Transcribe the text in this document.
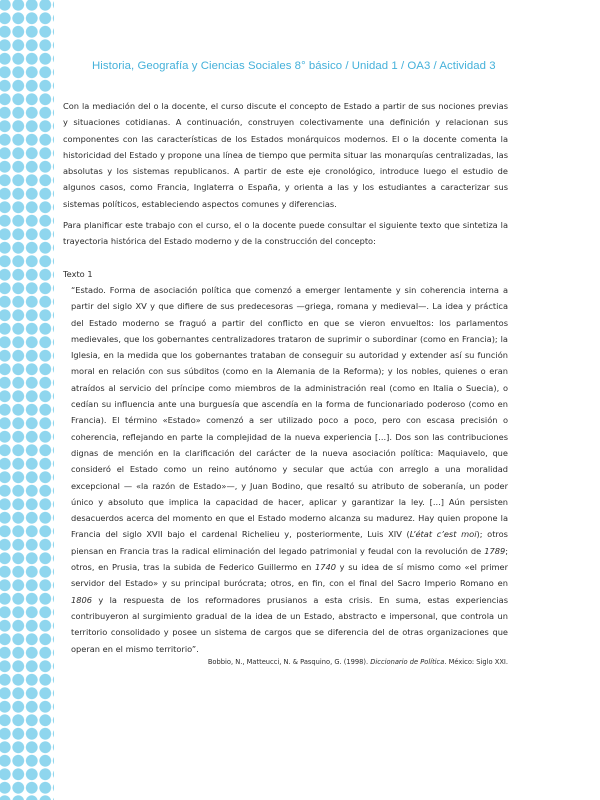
Historia, Geografía y Ciencias Sociales 8° básico / Unidad 1 / OA3 / Actividad 3

Con la mediación del o la docente, el curso discute el concepto de Estado a partir de sus nociones previas y situaciones cotidianas. A continuación, construyen colectivamente una definición y relacionan sus componentes con las características de los Estados monárquicos modernos. El o la docente comenta la historicidad del Estado y propone una línea de tiempo que permita situar las monarquías centralizadas, las absolutas y los sistemas republicanos. A partir de este eje cronológico, introduce luego el estudio de algunos casos, como Francia, Inglaterra o España, y orienta a las y los estudiantes a caracterizar sus sistemas políticos, estableciendo aspectos comunes y diferencias.

Para planificar este trabajo con el curso, el o la docente puede consultar el siguiente texto que sintetiza la trayectoria histórica del Estado moderno y de la construcción del concepto:

Texto 1

“Estado. Forma de asociación política que comenzó a emerger lentamente y sin coherencia interna a partir del siglo XV y que difiere de sus predecesoras —griega, romana y medieval—. La idea y práctica del Estado moderno se fraguó a partir del conflicto en que se vieron envueltos: los parlamentos medievales, que los gobernantes centralizadores trataron de suprimir o subordinar (como en Francia); la Iglesia, en la medida que los gobernantes trataban de conseguir su autoridad y extender así su función moral en relación con sus súbditos (como en la Alemania de la Reforma); y los nobles, quienes o eran atraídos al servicio del príncipe como miembros de la administración real (como en Italia o Suecia), o cedían su influencia ante una burguesía que ascendía en la forma de funcionariado poderoso (como en Francia). El término «Estado» comenzó a ser utilizado poco a poco, pero con escasa precisión o coherencia, reflejando en parte la complejidad de la nueva experiencia [...]. Dos son las contribuciones dignas de mención en la clarificación del carácter de la nueva asociación política: Maquiavelo, que consideró el Estado como un reino autónomo y secular que actúa con arreglo a una moralidad excepcional — «la razón de Estado»—, y Juan Bodino, que resaltó su atributo de soberanía, un poder único y absoluto que implica la capacidad de hacer, aplicar y garantizar la ley. [...] Aún persisten desacuerdos acerca del momento en que el Estado moderno alcanza su madurez. Hay quien propone la Francia del siglo XVII bajo el cardenal Richelieu y, posteriormente, Luis XIV (L’état c’est moi); otros piensan en Francia tras la radical eliminación del legado patrimonial y feudal con la revolución de 1789; otros, en Prusia, tras la subida de Federico Guillermo en 1740 y su idea de sí mismo como «el primer servidor del Estado» y su principal burócrata; otros, en fin, con el final del Sacro Imperio Romano en 1806 y la respuesta de los reformadores prusianos a esta crisis. En suma, estas experiencias contribuyeron al surgimiento gradual de la idea de un Estado, abstracto e impersonal, que controla un territorio consolidado y posee un sistema de cargos que se diferencia del de otras organizaciones que operan en el mismo territorio”.

Bobbio, N., Matteucci, N. & Pasquino, G. (1998). Diccionario de Política. México: Siglo XXI.
